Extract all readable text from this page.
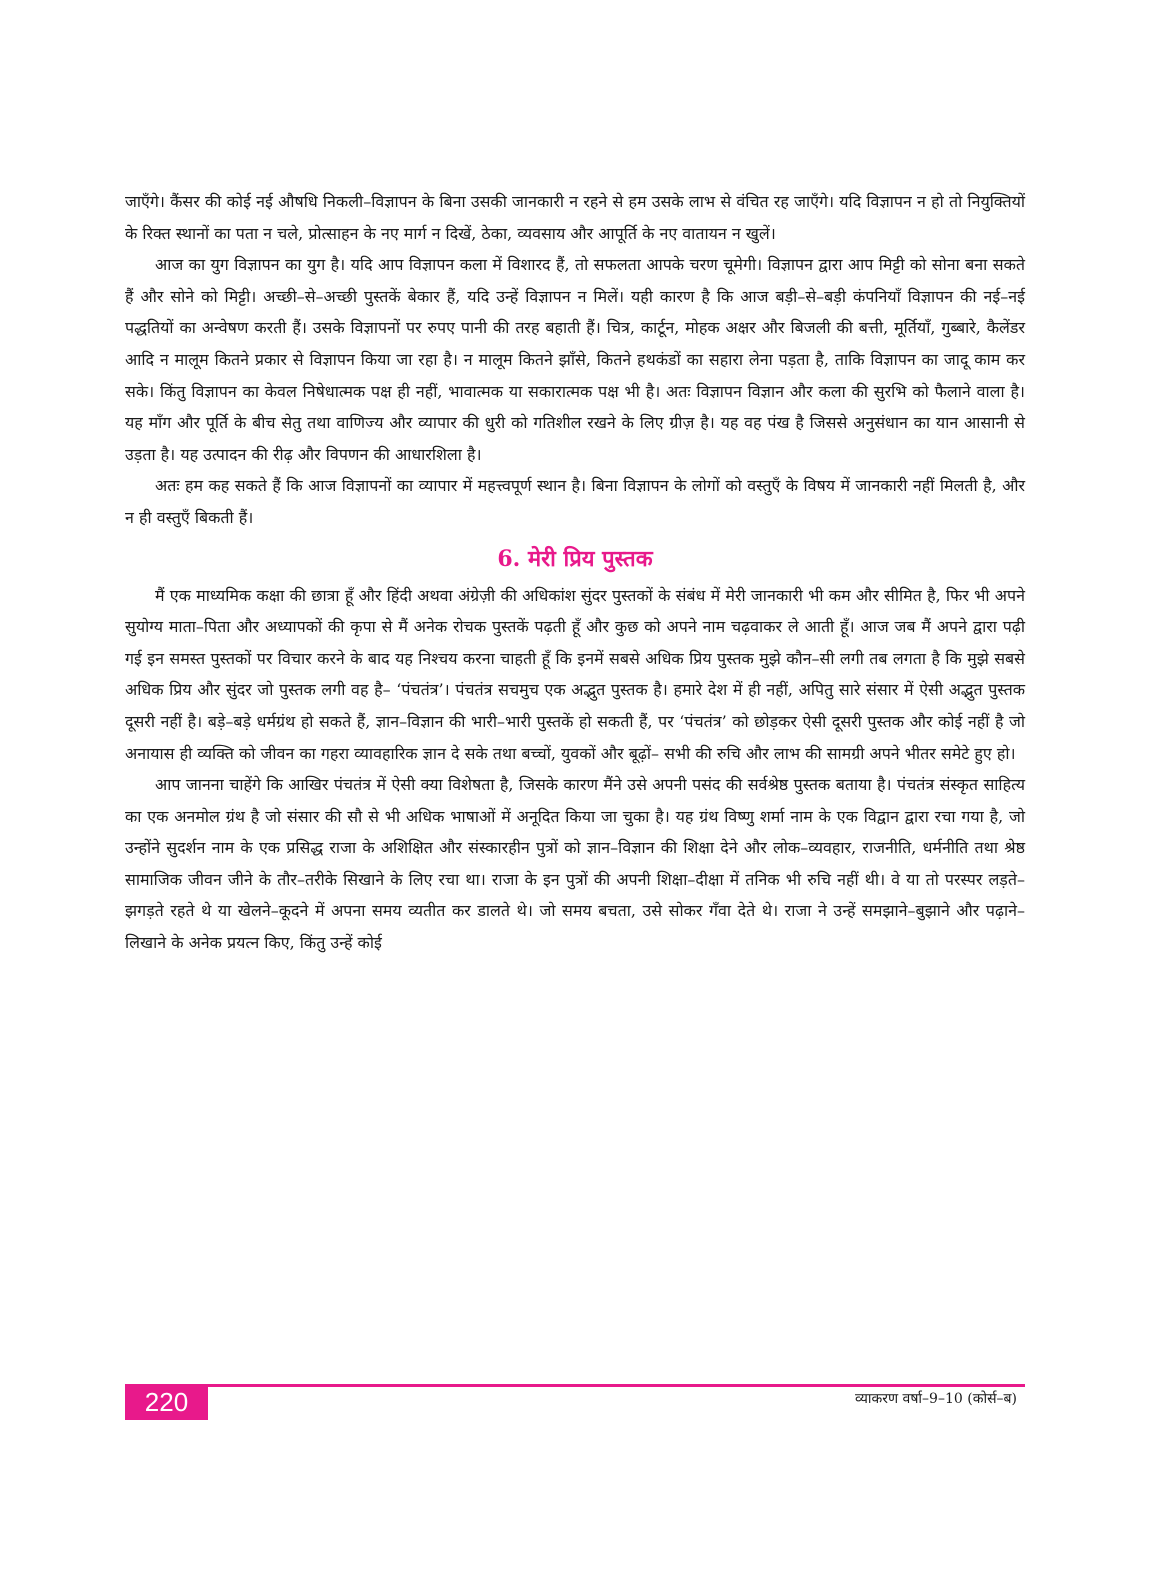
जाएँगे। कैंसर की कोई नई औषधि निकली–विज्ञापन के बिना उसकी जानकारी न रहने से हम उसके लाभ से वंचित रह जाएँगे। यदि विज्ञापन न हो तो नियुक्तियों के रिक्त स्थानों का पता न चले, प्रोत्साहन के नए मार्ग न दिखें, ठेका, व्यवसाय और आपूर्ति के नए वातायन न खुलें।

आज का युग विज्ञापन का युग है। यदि आप विज्ञापन कला में विशारद हैं, तो सफलता आपके चरण चूमेगी। विज्ञापन द्वारा आप मिट्टी को सोना बना सकते हैं और सोने को मिट्टी। अच्छी–से–अच्छी पुस्तकें बेकार हैं, यदि उन्हें विज्ञापन न मिलें। यही कारण है कि आज बड़ी–से–बड़ी कंपनियाँ विज्ञापन की नई–नई पद्धतियों का अन्वेषण करती हैं। उसके विज्ञापनों पर रुपए पानी की तरह बहाती हैं। चित्र, कार्टून, मोहक अक्षर और बिजली की बत्ती, मूर्तियाँ, गुब्बारे, कैलेंडर आदि न मालूम कितने प्रकार से विज्ञापन किया जा रहा है। न मालूम कितने झाँसे, कितने हथकंडों का सहारा लेना पड़ता है, ताकि विज्ञापन का जादू काम कर सके। किंतु विज्ञापन का केवल निषेधात्मक पक्ष ही नहीं, भावात्मक या सकारात्मक पक्ष भी है। अतः विज्ञापन विज्ञान और कला की सुरभि को फैलाने वाला है। यह माँग और पूर्ति के बीच सेतु तथा वाणिज्य और व्यापार की धुरी को गतिशील रखने के लिए ग्रीज़ है। यह वह पंख है जिससे अनुसंधान का यान आसानी से उड़ता है। यह उत्पादन की रीढ़ और विपणन की आधारशिला है।

अतः हम कह सकते हैं कि आज विज्ञापनों का व्यापार में महत्त्वपूर्ण स्थान है। बिना विज्ञापन के लोगों को वस्तुएँ के विषय में जानकारी नहीं मिलती है, और न ही वस्तुएँ बिकती हैं।

6. मेरी प्रिय पुस्तक

मैं एक माध्यमिक कक्षा की छात्रा हूँ और हिंदी अथवा अंग्रेज़ी की अधिकांश सुंदर पुस्तकों के संबंध में मेरी जानकारी भी कम और सीमित है, फिर भी अपने सुयोग्य माता–पिता और अध्यापकों की कृपा से मैं अनेक रोचक पुस्तकें पढ़ती हूँ और कुछ को अपने नाम चढ़वाकर ले आती हूँ। आज जब मैं अपने द्वारा पढ़ी गई इन समस्त पुस्तकों पर विचार करने के बाद यह निश्चय करना चाहती हूँ कि इनमें सबसे अधिक प्रिय पुस्तक मुझे कौन–सी लगी तब लगता है कि मुझे सबसे अधिक प्रिय और सुंदर जो पुस्तक लगी वह है– ‘पंचतंत्र’। पंचतंत्र सचमुच एक अद्भुत पुस्तक है। हमारे देश में ही नहीं, अपितु सारे संसार में ऐसी अद्भुत पुस्तक दूसरी नहीं है। बड़े–बड़े धर्मग्रंथ हो सकते हैं, ज्ञान–विज्ञान की भारी–भारी पुस्तकें हो सकती हैं, पर ‘पंचतंत्र’ को छोड़कर ऐसी दूसरी पुस्तक और कोई नहीं है जो अनायास ही व्यक्ति को जीवन का गहरा व्यावहारिक ज्ञान दे सके तथा बच्चों, युवकों और बूढ़ों– सभी की रुचि और लाभ की सामग्री अपने भीतर समेटे हुए हो।

आप जानना चाहेंगे कि आखिर पंचतंत्र में ऐसी क्या विशेषता है, जिसके कारण मैंने उसे अपनी पसंद की सर्वश्रेष्ठ पुस्तक बताया है। पंचतंत्र संस्कृत साहित्य का एक अनमोल ग्रंथ है जो संसार की सौ से भी अधिक भाषाओं में अनूदित किया जा चुका है। यह ग्रंथ विष्णु शर्मा नाम के एक विद्वान द्वारा रचा गया है, जो उन्होंने सुदर्शन नाम के एक प्रसिद्ध राजा के अशिक्षित और संस्कारहीन पुत्रों को ज्ञान–विज्ञान की शिक्षा देने और लोक–व्यवहार, राजनीति, धर्मनीति तथा श्रेष्ठ सामाजिक जीवन जीने के तौर–तरीके सिखाने के लिए रचा था। राजा के इन पुत्रों की अपनी शिक्षा–दीक्षा में तनिक भी रुचि नहीं थी। वे या तो परस्पर लड़ते–झगड़ते रहते थे या खेलने–कूदने में अपना समय व्यतीत कर डालते थे। जो समय बचता, उसे सोकर गँवा देते थे। राजा ने उन्हें समझाने–बुझाने और पढ़ाने–लिखाने के अनेक प्रयत्न किए, किंतु उन्हें कोई

220	व्याकरण वर्षा–9–10 (कोर्स–ब)
